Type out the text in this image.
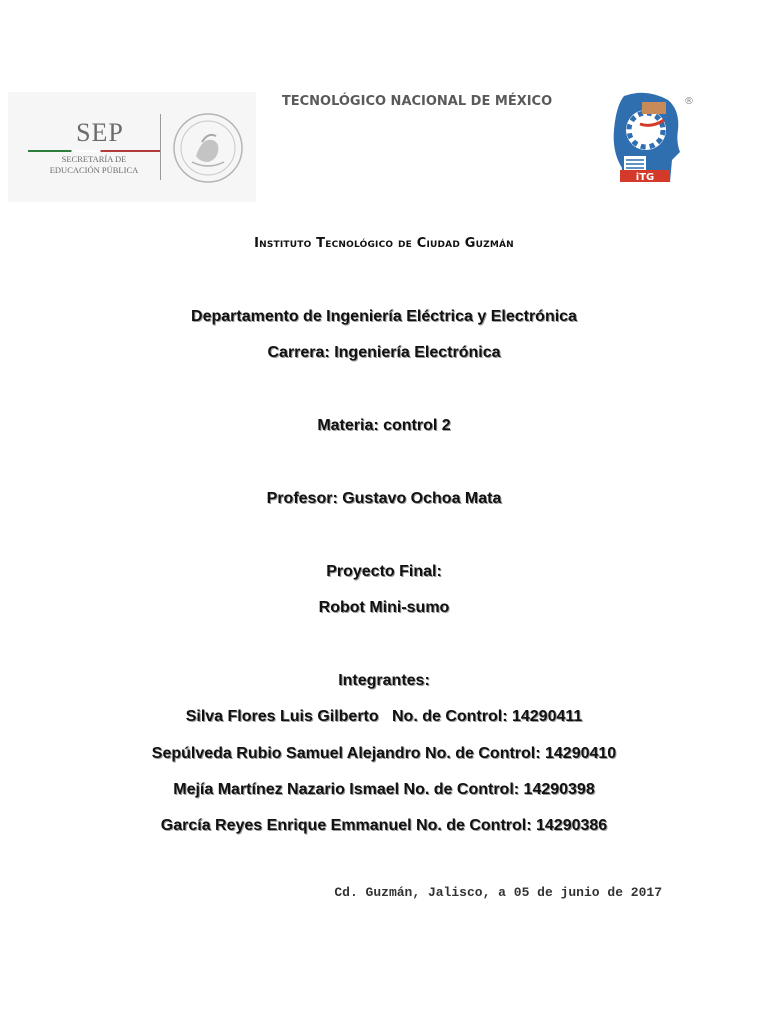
SEP
SECRETARÍA DE
EDUCACIÓN PÚBLICA
TECNOLÓGICO NACIONAL DE MÉXICO
iTG
®
Instituto Tecnológico de Ciudad Guzmán
Departamento de Ingeniería Eléctrica y Electrónica
Carrera: Ingeniería Electrónica
Materia: control 2
Profesor: Gustavo Ochoa Mata
Proyecto Final:
Robot Mini-sumo
Integrantes:
Silva Flores Luis Gilberto   No. de Control: 14290411
Sepúlveda Rubio Samuel Alejandro No. de Control: 14290410
Mejía Martínez Nazario Ismael No. de Control: 14290398
García Reyes Enrique Emmanuel No. de Control: 14290386
Cd. Guzmán, Jalisco, a 05 de junio de 2017
